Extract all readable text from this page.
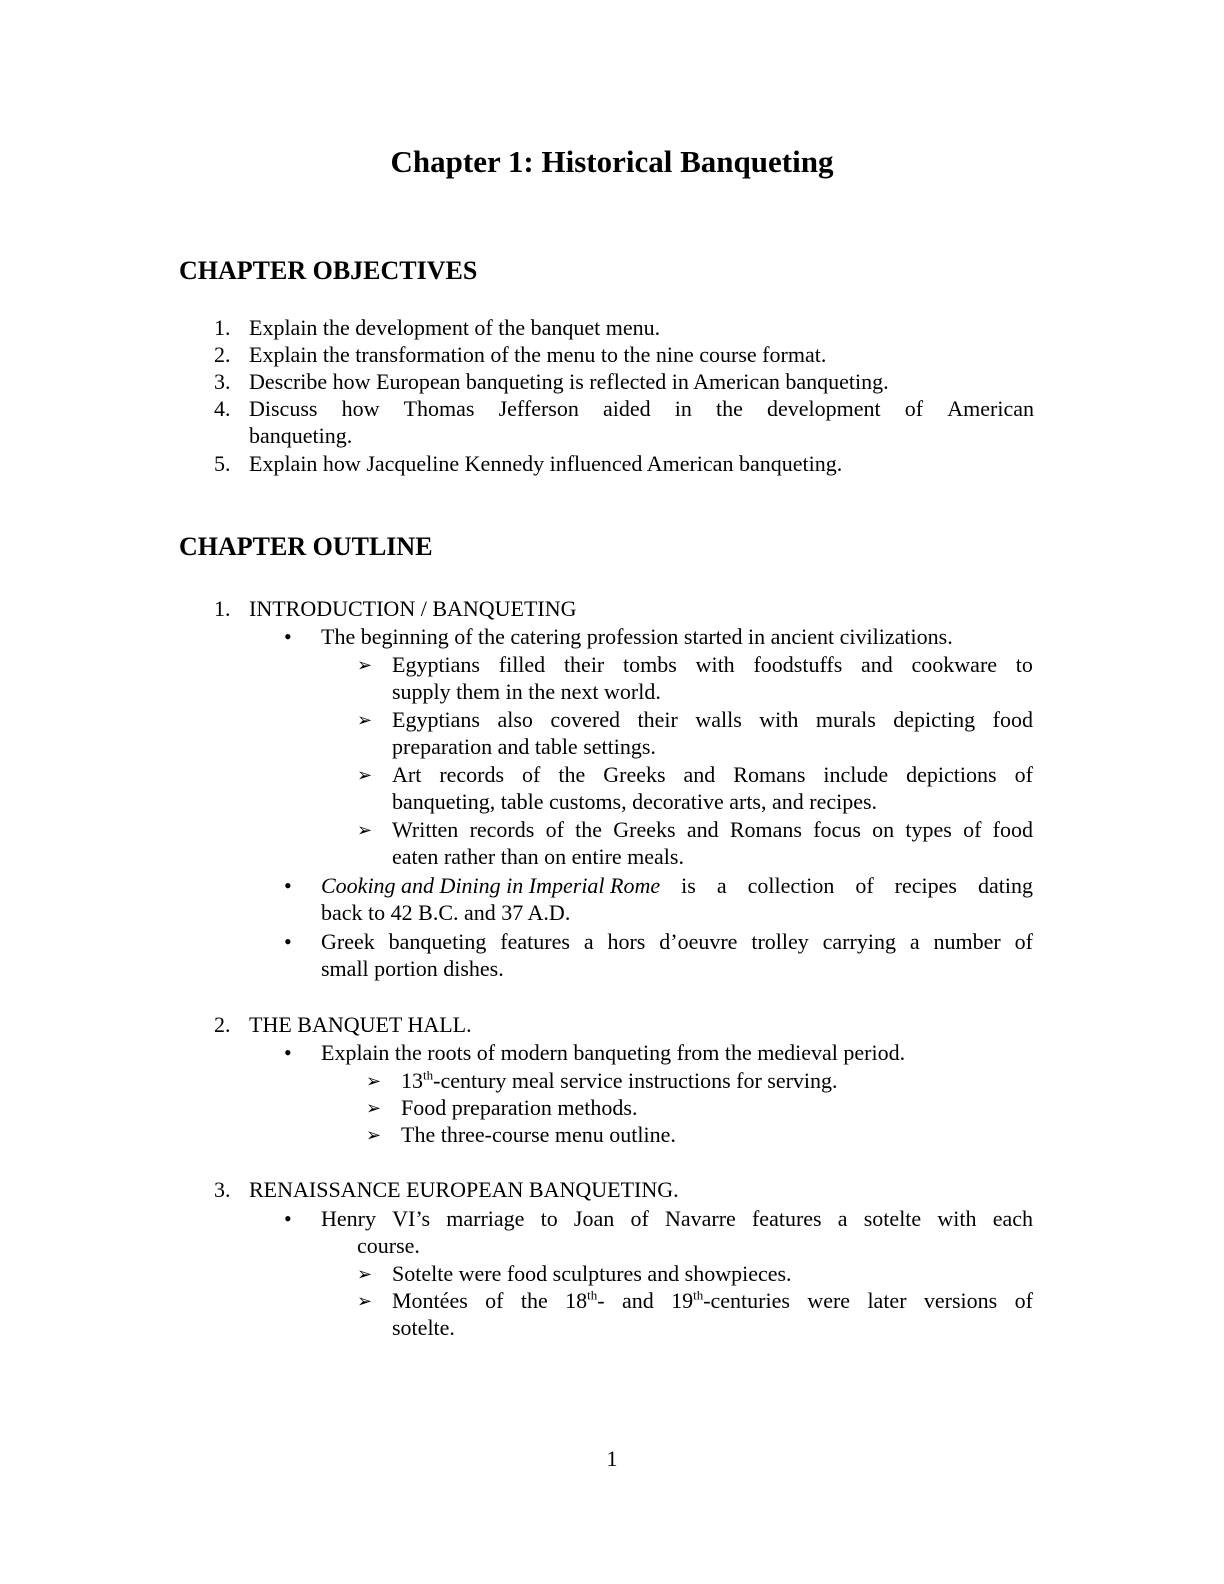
Chapter 1: Historical Banqueting
CHAPTER OBJECTIVES
1. Explain the development of the banquet menu.
2. Explain the transformation of the menu to the nine course format.
3. Describe how European banqueting is reflected in American banqueting.
4. Discuss how Thomas Jefferson aided in the development of American
banqueting.
5. Explain how Jacqueline Kennedy influenced American banqueting.
CHAPTER OUTLINE
1. INTRODUCTION / BANQUETING
• The beginning of the catering profession started in ancient civilizations.
➢ Egyptians filled their tombs with foodstuffs and cookware to
supply them in the next world.
➢ Egyptians also covered their walls with murals depicting food
preparation and table settings.
➢ Art records of the Greeks and Romans include depictions of
banqueting, table customs, decorative arts, and recipes.
➢ Written records of the Greeks and Romans focus on types of food
eaten rather than on entire meals.
• Cooking and Dining in Imperial Rome is a collection of recipes dating
back to 42 B.C. and 37 A.D.
• Greek banqueting features a hors d’oeuvre trolley carrying a number of
small portion dishes.
2. THE BANQUET HALL.
• Explain the roots of modern banqueting from the medieval period.
➢ 13th-century meal service instructions for serving.
➢ Food preparation methods.
➢ The three-course menu outline.
3. RENAISSANCE EUROPEAN BANQUETING.
• Henry VI’s marriage to Joan of Navarre features a sotelte with each
course.
➢ Sotelte were food sculptures and showpieces.
➢ Montées of the 18th- and 19th-centuries were later versions of
sotelte.
1
